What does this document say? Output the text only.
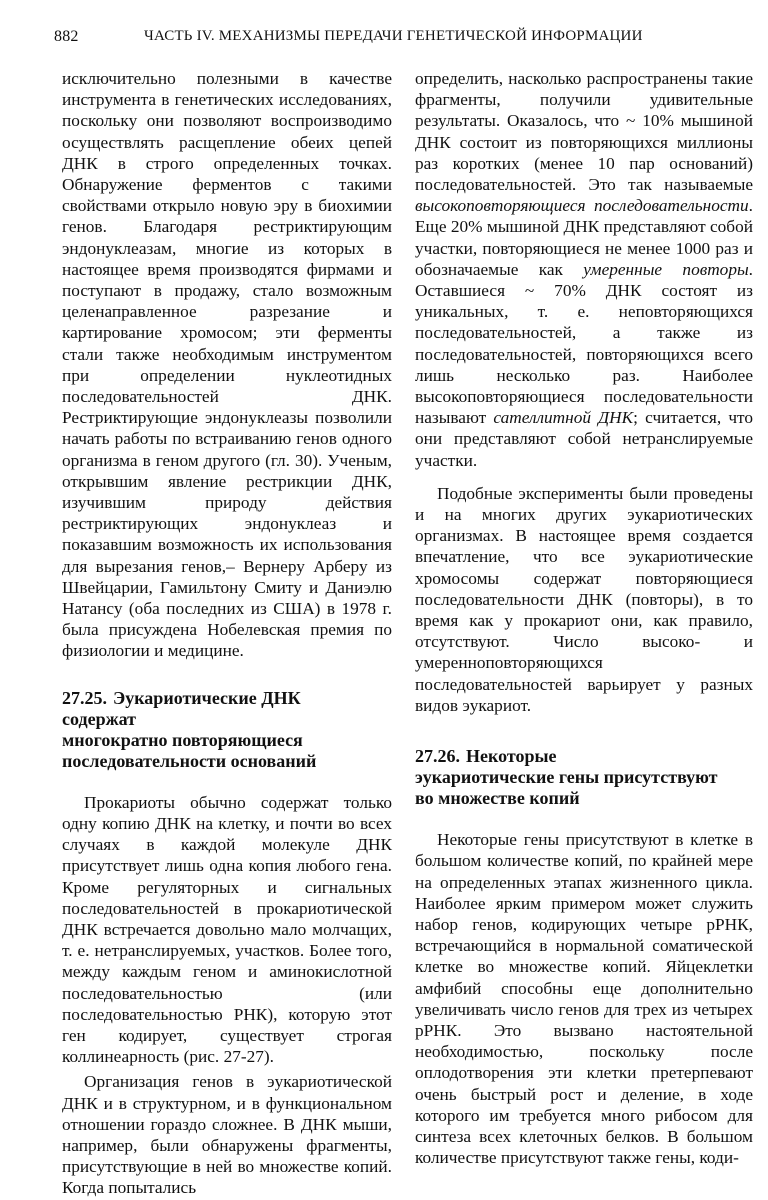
882	ЧАСТЬ IV. МЕХАНИЗМЫ ПЕРЕДАЧИ ГЕНЕТИЧЕСКОЙ ИНФОРМАЦИИ

исключительно полезными в качестве инструмента в генетических исследованиях, поскольку они позволяют воспроизводимо осуществлять расщепление обеих цепей ДНК в строго определенных точках. Обнаружение ферментов с такими свойствами открыло новую эру в биохимии генов. Благодаря рестриктирующим эндонуклеазам, многие из которых в настоящее время производятся фирмами и поступают в продажу, стало возможным целенаправленное разрезание и картирование хромосом; эти ферменты стали также необходимым инструментом при определении нуклеотидных последовательностей ДНК. Рестриктирующие эндонуклеазы позволили начать работы по встраиванию генов одного организма в геном другого (гл. 30). Ученым, открывшим явление рестрикции ДНК, изучившим природу действия рестриктирующих эндонуклеаз и показавшим возможность их использования для вырезания генов,– Вернеру Арберу из Швейцарии, Гамильтону Смиту и Даниэлю Натансу (оба последних из США) в 1978 г. была присуждена Нобелевская премия по физиологии и медицине.

27.25. Эукариотические ДНК
содержат
многократно повторяющиеся
последовательности оснований

Прокариоты обычно содержат только одну копию ДНК на клетку, и почти во всех случаях в каждой молекуле ДНК присутствует лишь одна копия любого гена. Кроме регуляторных и сигнальных последовательностей в прокариотической ДНК встречается довольно мало молчащих, т. е. нетранслируемых, участков. Более того, между каждым геном и аминокислотной последовательностью (или последовательностью РНК), которую этот ген кодирует, существует строгая коллинеарность (рис. 27-27).

Организация генов в эукариотической ДНК и в структурном, и в функциональном отношении гораздо сложнее. В ДНК мыши, например, были обнаружены фрагменты, присутствующие в ней во множестве копий. Когда попытались

определить, насколько распространены такие фрагменты, получили удивительные результаты. Оказалось, что ~ 10% мышиной ДНК состоит из повторяющихся миллионы раз коротких (менее 10 пар оснований) последовательностей. Это так называемые высокоповторяющиеся последовательности. Еще 20% мышиной ДНК представляют собой участки, повторяющиеся не менее 1000 раз и обозначаемые как умеренные повторы. Оставшиеся ~ 70% ДНК состоят из уникальных, т. е. неповторяющихся последовательностей, а также из последовательностей, повторяющихся всего лишь несколько раз. Наиболее высокоповторяющиеся последовательности называют сателлитной ДНК; считается, что они представляют собой нетранслируемые участки.

Подобные эксперименты были проведены и на многих других эукариотических организмах. В настоящее время создается впечатление, что все эукариотические хромосомы содержат повторяющиеся последовательности ДНК (повторы), в то время как у прокариот они, как правило, отсутствуют. Число высоко- и умеренноповторяющихся последовательностей варьирует у разных видов эукариот.

27.26. Некоторые
эукариотические гены присутствуют
во множестве копий

Некоторые гены присутствуют в клетке в большом количестве копий, по крайней мере на определенных этапах жизненного цикла. Наиболее ярким примером может служить набор генов, кодирующих четыре рРНК, встречающийся в нормальной соматической клетке во множестве копий. Яйцеклетки амфибий способны еще дополнительно увеличивать число генов для трех из четырех рРНК. Это вызвано настоятельной необходимостью, поскольку после оплодотворения эти клетки претерпевают очень быстрый рост и деление, в ходе которого им требуется много рибосом для синтеза всех клеточных белков. В большом количестве присутствуют также гены, коди-
